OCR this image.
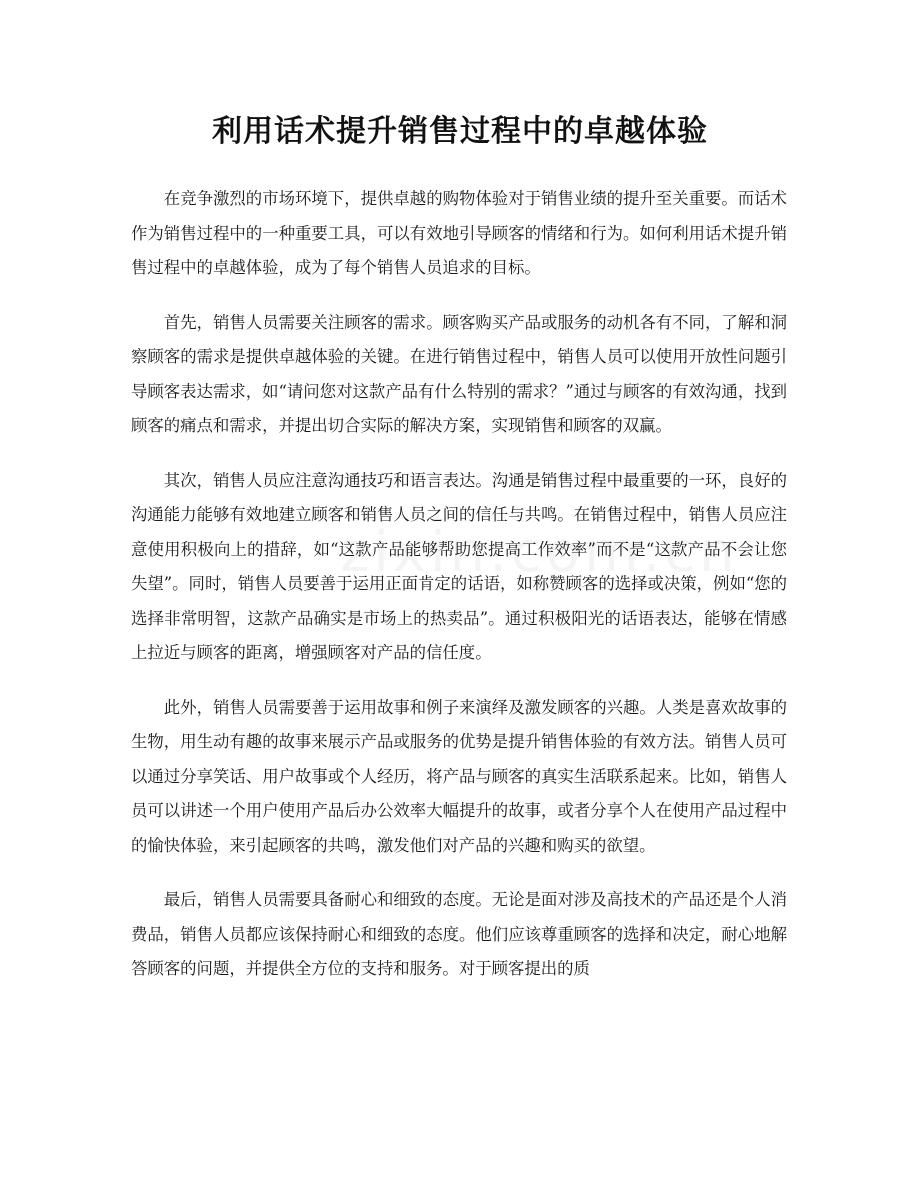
利用话术提升销售过程中的卓越体验

在竞争激烈的市场环境下，提供卓越的购物体验对于销售业绩的提升至关重要。而话术作为销售过程中的一种重要工具，可以有效地引导顾客的情绪和行为。如何利用话术提升销售过程中的卓越体验，成为了每个销售人员追求的目标。

首先，销售人员需要关注顾客的需求。顾客购买产品或服务的动机各有不同，了解和洞察顾客的需求是提供卓越体验的关键。在进行销售过程中，销售人员可以使用开放性问题引导顾客表达需求，如“请问您对这款产品有什么特别的需求？”通过与顾客的有效沟通，找到顾客的痛点和需求，并提出切合实际的解决方案，实现销售和顾客的双赢。

其次，销售人员应注意沟通技巧和语言表达。沟通是销售过程中最重要的一环，良好的沟通能力能够有效地建立顾客和销售人员之间的信任与共鸣。在销售过程中，销售人员应注意使用积极向上的措辞，如“这款产品能够帮助您提高工作效率”而不是“这款产品不会让您失望”。同时，销售人员要善于运用正面肯定的话语，如称赞顾客的选择或决策，例如“您的选择非常明智，这款产品确实是市场上的热卖品”。通过积极阳光的话语表达，能够在情感上拉近与顾客的距离，增强顾客对产品的信任度。

此外，销售人员需要善于运用故事和例子来演绎及激发顾客的兴趣。人类是喜欢故事的生物，用生动有趣的故事来展示产品或服务的优势是提升销售体验的有效方法。销售人员可以通过分享笑话、用户故事或个人经历，将产品与顾客的真实生活联系起来。比如，销售人员可以讲述一个用户使用产品后办公效率大幅提升的故事，或者分享个人在使用产品过程中的愉快体验，来引起顾客的共鸣，激发他们对产品的兴趣和购买的欲望。

最后，销售人员需要具备耐心和细致的态度。无论是面对涉及高技术的产品还是个人消费品，销售人员都应该保持耐心和细致的态度。他们应该尊重顾客的选择和决定，耐心地解答顾客的问题，并提供全方位的支持和服务。对于顾客提出的质
